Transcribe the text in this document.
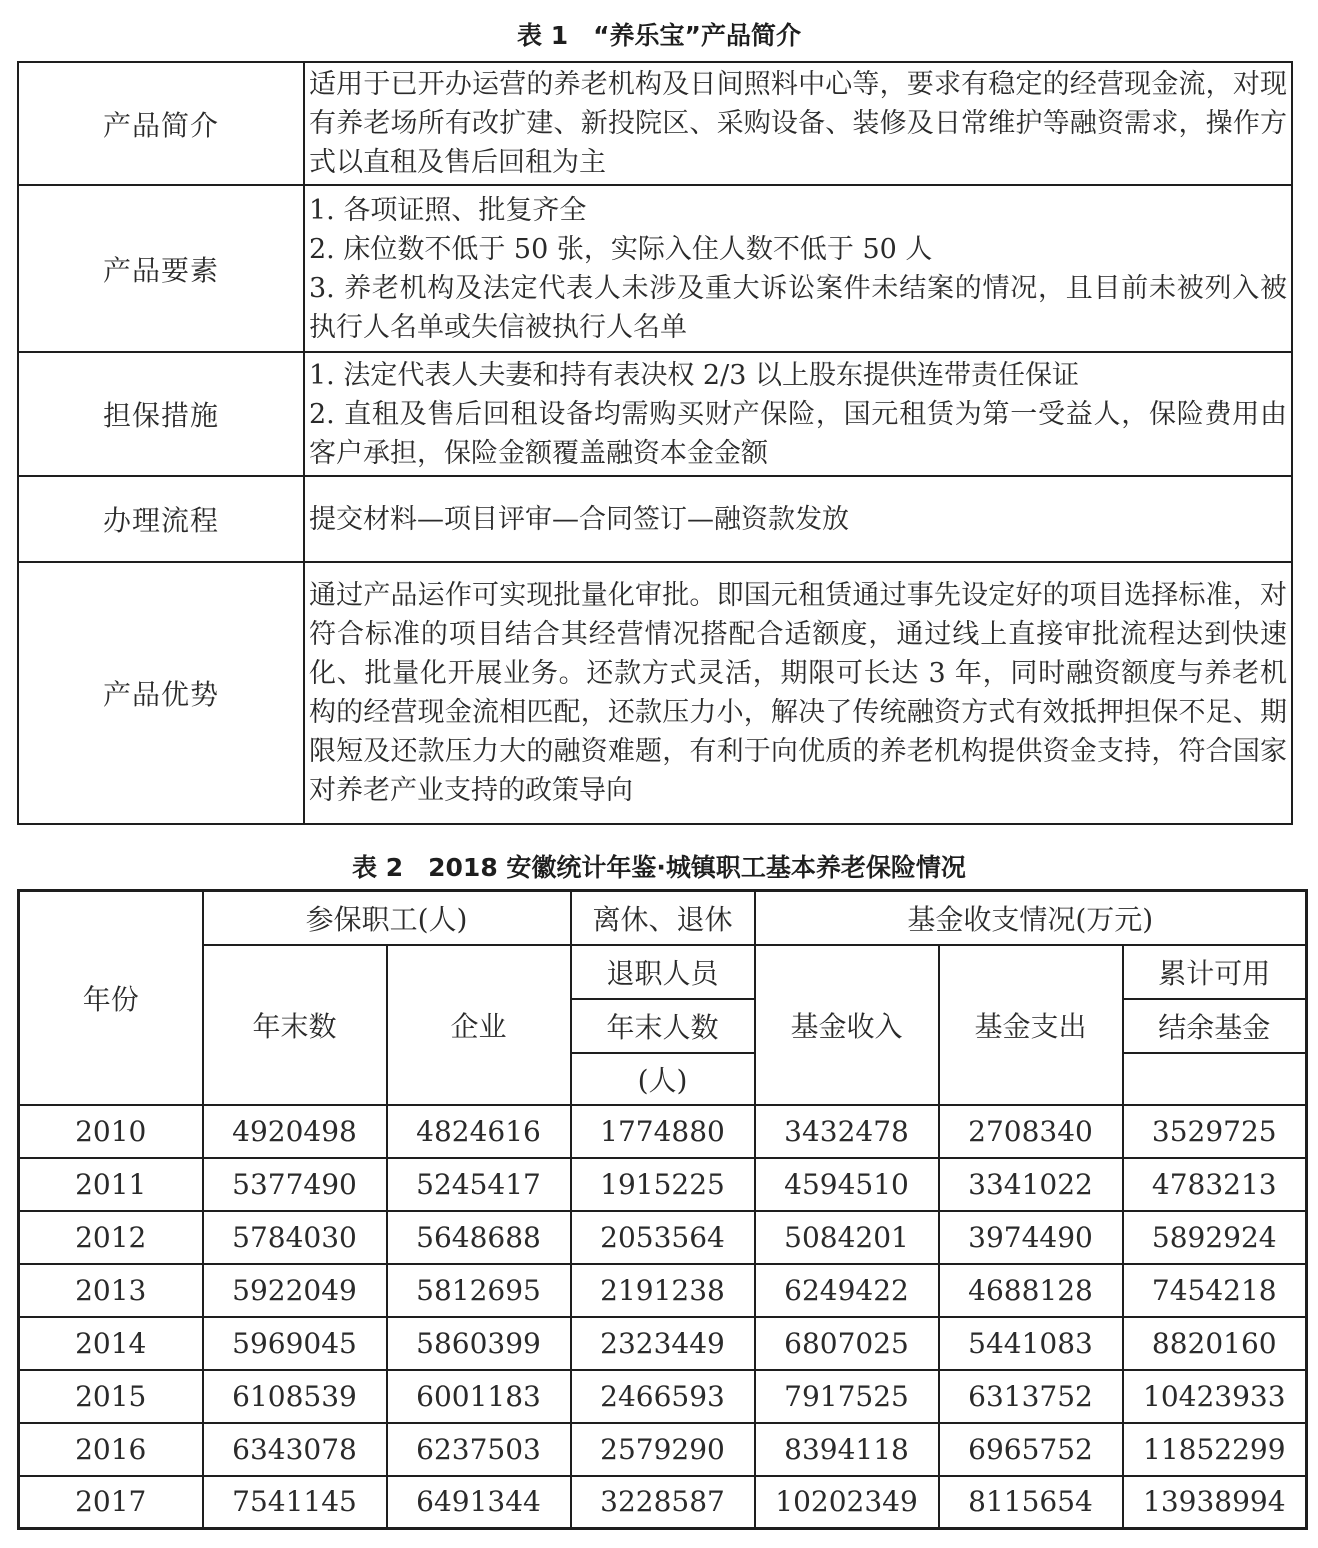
表 1　“养乐宝”产品简介
产品简介	适用于已开办运营的养老机构及日间照料中心等，要求有稳定的经营现金流，对现有养老场所有改扩建、新投院区、采购设备、装修及日常维护等融资需求，操作方式以直租及售后回租为主

产品要素	1. 各项证照、批复齐全
2. 床位数不低于 50 张，实际入住人数不低于 50 人
3. 养老机构及法定代表人未涉及重大诉讼案件未结案的情况，且目前未被列入被执行人名单或失信被执行人名单

担保措施	1. 法定代表人夫妻和持有表决权 2/3 以上股东提供连带责任保证
2. 直租及售后回租设备均需购买财产保险，国元租赁为第一受益人，保险费用由客户承担，保险金额覆盖融资本金金额

办理流程	提交材料—项目评审—合同签订—融资款发放

产品优势	通过产品运作可实现批量化审批。即国元租赁通过事先设定好的项目选择标准，对符合标准的项目结合其经营情况搭配合适额度，通过线上直接审批流程达到快速化、批量化开展业务。还款方式灵活，期限可长达 3 年，同时融资额度与养老机构的经营现金流相匹配，还款压力小，解决了传统融资方式有效抵押担保不足、期限短及还款压力大的融资难题，有利于向优质的养老机构提供资金支持，符合国家对养老产业支持的政策导向
表 2　2018 安徽统计年鉴·城镇职工基本养老保险情况
年份	参保职工(人)		离休、退休	基金收支情况(万元)		
	年末数	企业	退职人员	基金收入	基金支出	累计可用
			年末人数			结余基金
			(人)			
2010	4920498	4824616	1774880	3432478	2708340	3529725
2011	5377490	5245417	1915225	4594510	3341022	4783213
2012	5784030	5648688	2053564	5084201	3974490	5892924
2013	5922049	5812695	2191238	6249422	4688128	7454218
2014	5969045	5860399	2323449	6807025	5441083	8820160
2015	6108539	6001183	2466593	7917525	6313752	10423933
2016	6343078	6237503	2579290	8394118	6965752	11852299
2017	7541145	6491344	3228587	10202349	8115654	13938994
